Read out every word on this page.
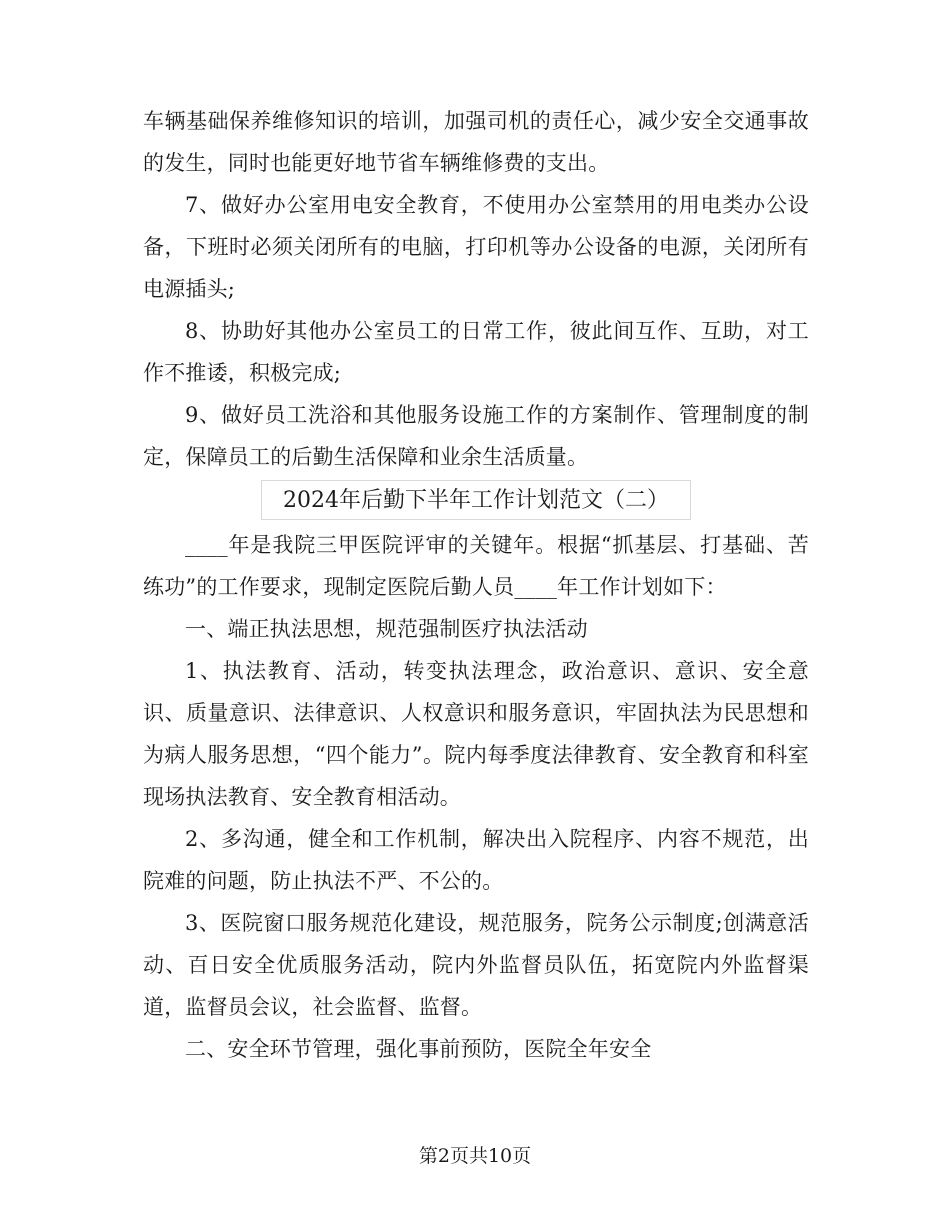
车辆基础保养维修知识的培训，加强司机的责任心，减少安全交通事故的发生，同时也能更好地节省车辆维修费的支出。

7、做好办公室用电安全教育，不使用办公室禁用的用电类办公设备，下班时必须关闭所有的电脑，打印机等办公设备的电源，关闭所有电源插头;

8、协助好其他办公室员工的日常工作，彼此间互作、互助，对工作不推诿，积极完成;

9、做好员工洗浴和其他服务设施工作的方案制作、管理制度的制定，保障员工的后勤生活保障和业余生活质量。

2024年后勤下半年工作计划范文（二）

____年是我院三甲医院评审的关键年。根据“抓基层、打基础、苦练功”的工作要求，现制定医院后勤人员____年工作计划如下：

一、端正执法思想，规范强制医疗执法活动

1、执法教育、活动，转变执法理念，政治意识、意识、安全意识、质量意识、法律意识、人权意识和服务意识，牢固执法为民思想和为病人服务思想，“四个能力”。院内每季度法律教育、安全教育和科室现场执法教育、安全教育相活动。

2、多沟通，健全和工作机制，解决出入院程序、内容不规范，出院难的问题，防止执法不严、不公的。

3、医院窗口服务规范化建设，规范服务，院务公示制度;创满意活动、百日安全优质服务活动，院内外监督员队伍，拓宽院内外监督渠道，监督员会议，社会监督、监督。

二、安全环节管理，强化事前预防，医院全年安全

第2页共10页
